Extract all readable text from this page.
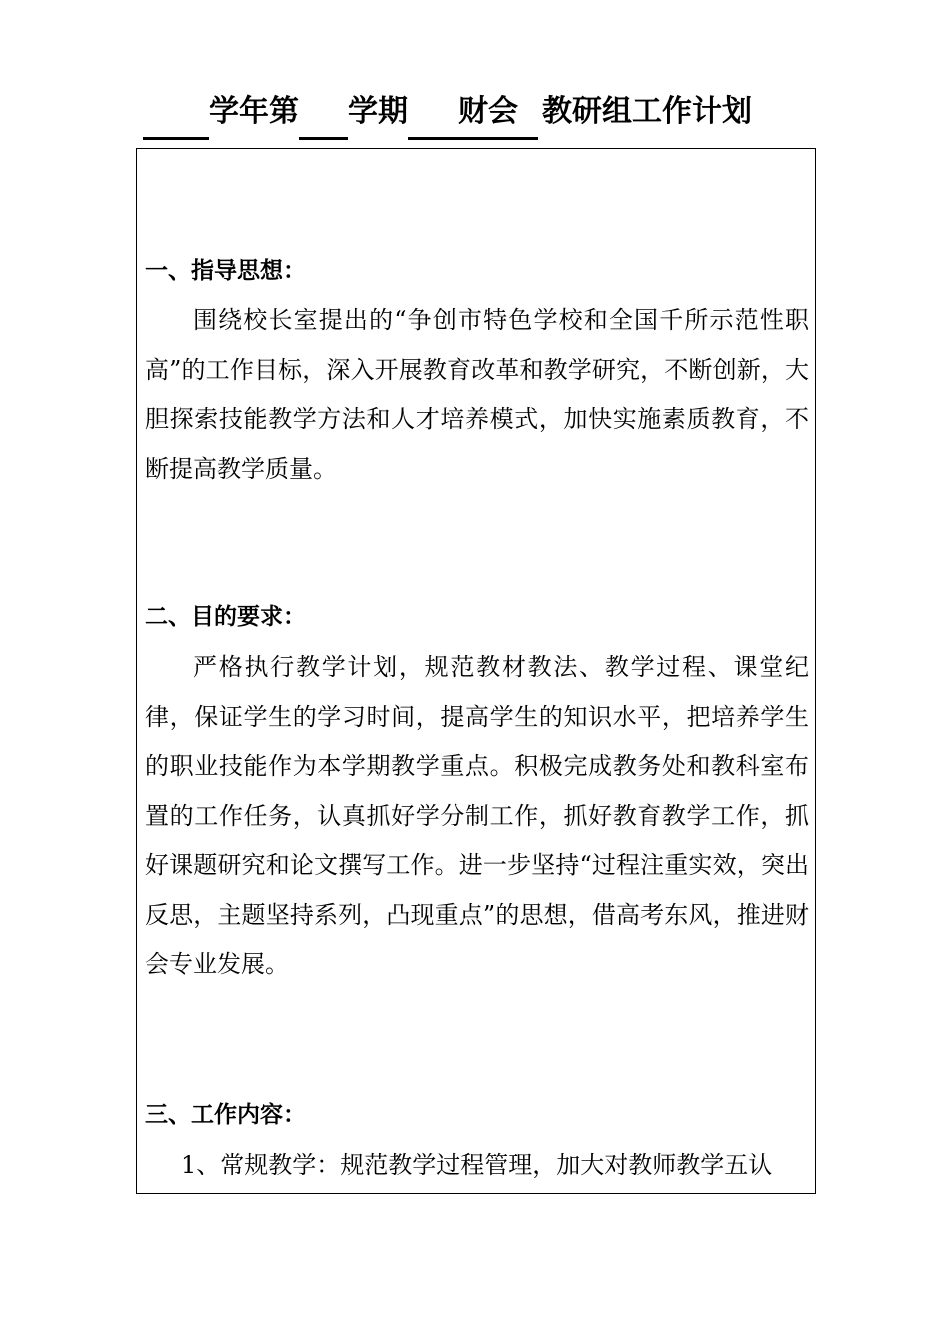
学年第 学期 财会 教研组工作计划
一、指导思想：

围绕校长室提出的“争创市特色学校和全国千所示范性职高”的工作目标，深入开展教育改革和教学研究，不断创新，大胆探索技能教学方法和人才培养模式，加快实施素质教育，不断提高教学质量。

二、目的要求：

严格执行教学计划，规范教材教法、教学过程、课堂纪律，保证学生的学习时间，提高学生的知识水平，把培养学生的职业技能作为本学期教学重点。积极完成教务处和教科室布置的工作任务，认真抓好学分制工作，抓好教育教学工作，抓好课题研究和论文撰写工作。进一步坚持“过程注重实效，突出反思，主题坚持系列，凸现重点”的思想，借高考东风，推进财会专业发展。

三、工作内容：

1、常规教学：规范教学过程管理，加大对教师教学五认
